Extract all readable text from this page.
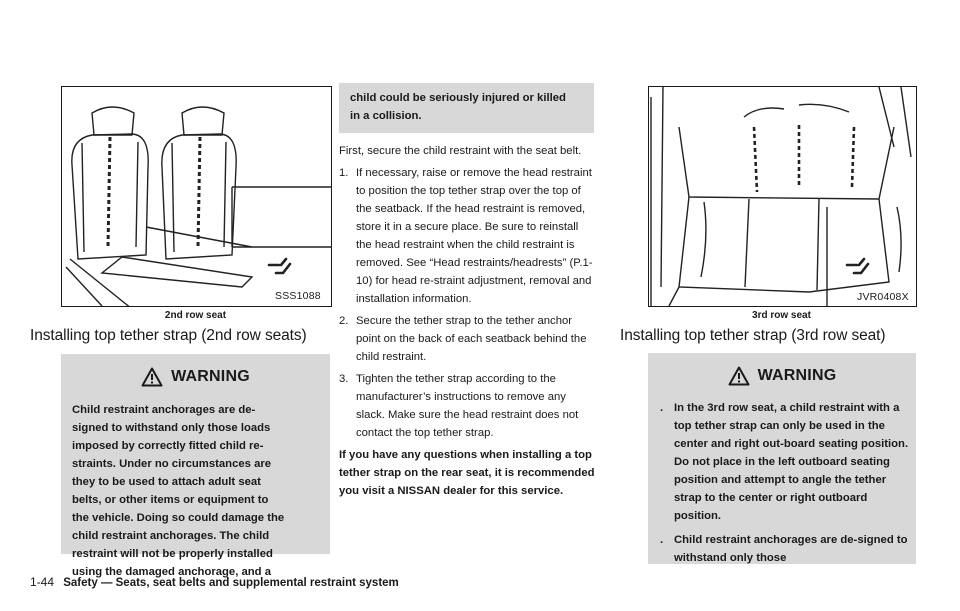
SSS1088
2nd row seat
Installing top tether strap (2nd row seats)
WARNING

Child restraint anchorages are de-
signed to withstand only those loads
imposed by correctly fitted child re-
straints. Under no circumstances are
they to be used to attach adult seat
belts, or other items or equipment to
the vehicle. Doing so could damage the
child restraint anchorages. The child
restraint will not be properly installed
using the damaged anchorage, and a

child could be seriously injured or killed
in a collision.

First, secure the child restraint with the seat belt.

1. If necessary, raise or remove the head restraint to position the top tether strap over the top of the seatback. If the head restraint is removed, store it in a secure place. Be sure to reinstall the head restraint when the child restraint is removed. See “Head restraints/headrests” (P.1-10) for head re-straint adjustment, removal and installation information.
2. Secure the tether strap to the tether anchor point on the back of each seatback behind the child restraint.
3. Tighten the tether strap according to the manufacturer’s instructions to remove any slack. Make sure the head restraint does not contact the top tether strap.

If you have any questions when installing a top tether strap on the rear seat, it is recommended you visit a NISSAN dealer for this service.

JVR0408X
3rd row seat
Installing top tether strap (3rd row seat)
WARNING
. In the 3rd row seat, a child restraint with a top tether strap can only be used in the center and right out-board seating position. Do not place in the left outboard seating position and attempt to angle the tether strap to the center or right outboard position.
. Child restraint anchorages are de-signed to withstand only those
1-44 Safety — Seats, seat belts and supplemental restraint system
